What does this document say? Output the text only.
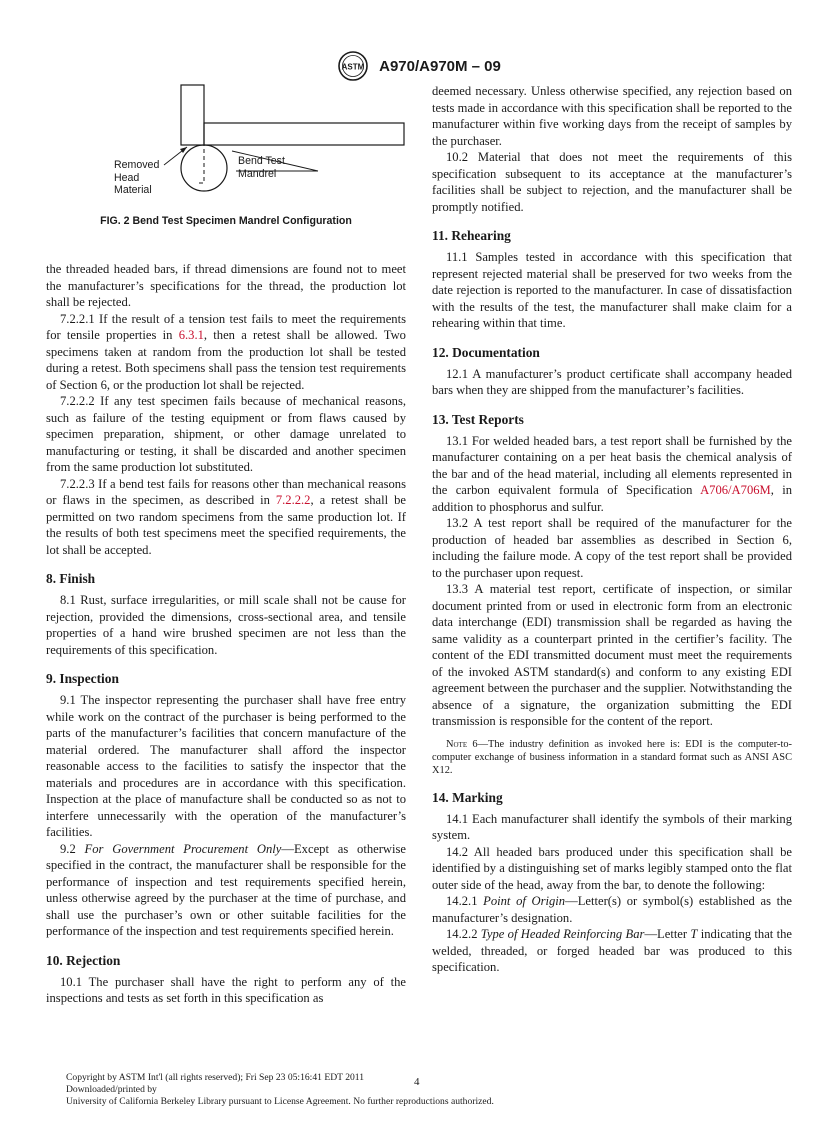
ASTM A970/A970M – 09
Removed
Head
Material
Bend Test
Mandrel
FIG. 2 Bend Test Specimen Mandrel Configuration

the threaded headed bars, if thread dimensions are found not to meet the manufacturer’s specifications for the thread, the production lot shall be rejected.

7.2.2.1 If the result of a tension test fails to meet the requirements for tensile properties in 6.3.1, then a retest shall be allowed. Two specimens taken at random from the production lot shall be tested during a retest. Both specimens shall pass the tension test requirements of Section 6, or the production lot shall be rejected.

7.2.2.2 If any test specimen fails because of mechanical reasons, such as failure of the testing equipment or from flaws caused by specimen preparation, shipment, or other damage unrelated to manufacturing or testing, it shall be discarded and another specimen from the same production lot substituted.

7.2.2.3 If a bend test fails for reasons other than mechanical reasons or flaws in the specimen, as described in 7.2.2.2, a retest shall be permitted on two random specimens from the same production lot. If the results of both test specimens meet the specified requirements, the lot shall be accepted.

8. Finish

8.1 Rust, surface irregularities, or mill scale shall not be cause for rejection, provided the dimensions, cross-sectional area, and tensile properties of a hand wire brushed specimen are not less than the requirements of this specification.

9. Inspection

9.1 The inspector representing the purchaser shall have free entry while work on the contract of the purchaser is being performed to the parts of the manufacturer’s facilities that concern manufacture of the material ordered. The manufacturer shall afford the inspector reasonable access to the facilities to satisfy the inspector that the materials and procedures are in accordance with this specification. Inspection at the place of manufacture shall be conducted so as not to interfere unnecessarily with the operation of the manufacturer’s facilities.

9.2 For Government Procurement Only—Except as otherwise specified in the contract, the manufacturer shall be responsible for the performance of inspection and test requirements specified herein, unless otherwise agreed by the purchaser at the time of purchase, and shall use the purchaser’s own or other suitable facilities for the performance of the inspection and test requirements specified herein.

10. Rejection

10.1 The purchaser shall have the right to perform any of the inspections and tests as set forth in this specification as

deemed necessary. Unless otherwise specified, any rejection based on tests made in accordance with this specification shall be reported to the manufacturer within five working days from the receipt of samples by the purchaser.

10.2 Material that does not meet the requirements of this specification subsequent to its acceptance at the manufacturer’s facilities shall be subject to rejection, and the manufacturer shall be promptly notified.

11. Rehearing

11.1 Samples tested in accordance with this specification that represent rejected material shall be preserved for two weeks from the date rejection is reported to the manufacturer. In case of dissatisfaction with the results of the test, the manufacturer shall make claim for a rehearing within that time.

12. Documentation

12.1 A manufacturer’s product certificate shall accompany headed bars when they are shipped from the manufacturer’s facilities.

13. Test Reports

13.1 For welded headed bars, a test report shall be furnished by the manufacturer containing on a per heat basis the chemical analysis of the bar and of the head material, including all elements represented in the carbon equivalent formula of Specification A706/A706M, in addition to phosphorus and sulfur.

13.2 A test report shall be required of the manufacturer for the production of headed bar assemblies as described in Section 6, including the failure mode. A copy of the test report shall be provided to the purchaser upon request.

13.3 A material test report, certificate of inspection, or similar document printed from or used in electronic form from an electronic data interchange (EDI) transmission shall be regarded as having the same validity as a counterpart printed in the certifier’s facility. The content of the EDI transmitted document must meet the requirements of the invoked ASTM standard(s) and conform to any existing EDI agreement between the purchaser and the supplier. Notwithstanding the absence of a signature, the organization submitting the EDI transmission is responsible for the content of the report.

Note 6—The industry definition as invoked here is: EDI is the computer-to-computer exchange of business information in a standard format such as ANSI ASC X12.

14. Marking

14.1 Each manufacturer shall identify the symbols of their marking system.

14.2 All headed bars produced under this specification shall be identified by a distinguishing set of marks legibly stamped onto the flat outer side of the head, away from the bar, to denote the following:

14.2.1 Point of Origin—Letter(s) or symbol(s) established as the manufacturer’s designation.

14.2.2 Type of Headed Reinforcing Bar—Letter T indicating that the welded, threaded, or forged headed bar was produced to this specification.

Copyright by ASTM Int'l (all rights reserved); Fri Sep 23 05:16:41 EDT 2011
Downloaded/printed by
University of California Berkeley Library pursuant to License Agreement. No further reproductions authorized.
4
